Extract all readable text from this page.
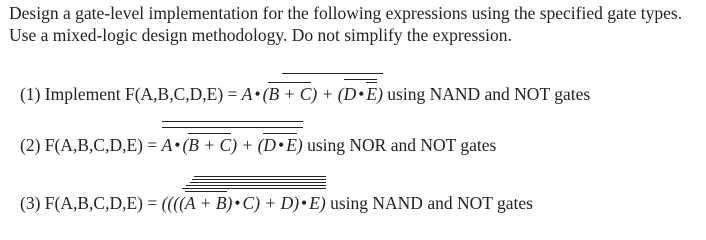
Design a gate-level implementation for the following expressions using the specified gate types.
Use a mixed-logic design methodology. Do not simplify the expression.
(1) Implement F(A,B,C,D,E) =
A • (
B + C) + (
D • E) using NAND and NOT gates
(2) F(A,B,C,D,E) =
A • (
B + C) + (
D • E) using NOR and NOT gates
(3) F(A,B,C,D,E) =
((((
A + B) • C) + D) • E) using NAND and NOT gates
